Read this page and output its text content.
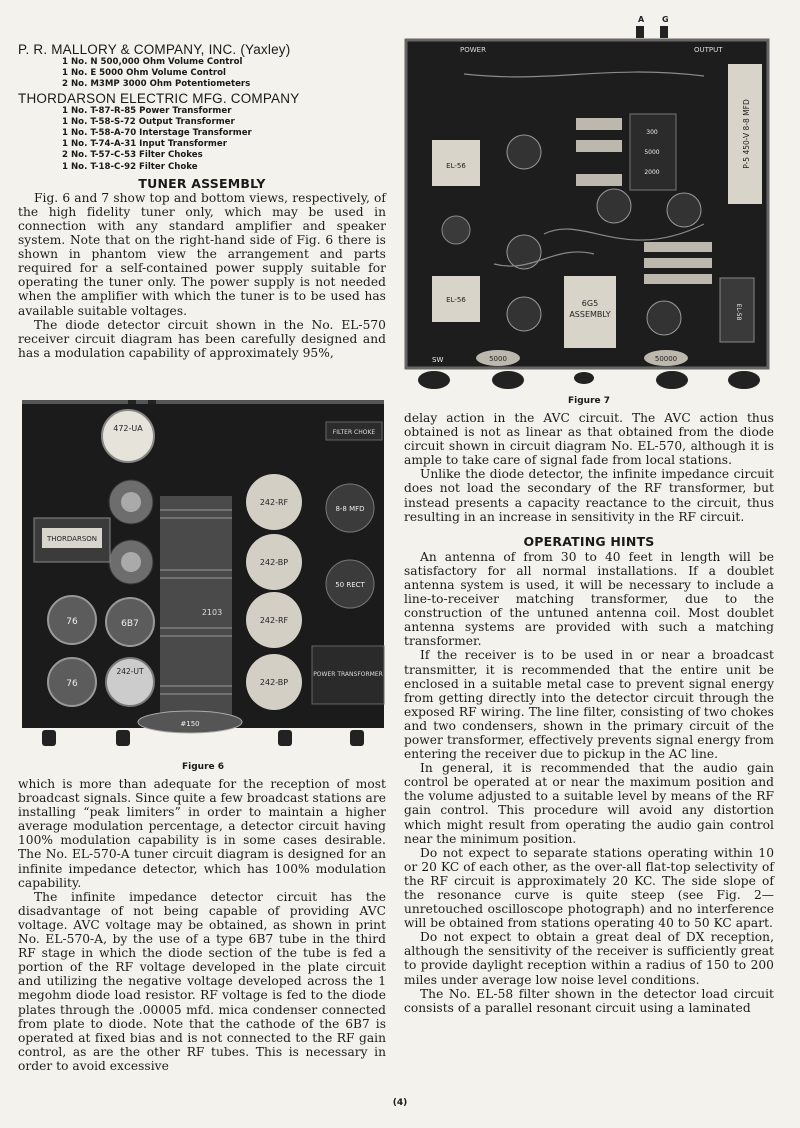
P. R. MALLORY & COMPANY, INC. (Yaxley)
1 No. N 500,000 Ohm Volume Control
1 No. E 5000 Ohm Volume Control
2 No. M3MP 3000 Ohm Potentiometers
THORDARSON ELECTRIC MFG. COMPANY
1 No. T-87-R-85 Power Transformer
1 No. T-58-S-72 Output Transformer
1 No. T-58-A-70 Interstage Transformer
1 No. T-74-A-31 Input Transformer
2 No. T-57-C-53 Filter Chokes
1 No. T-18-C-92 Filter Choke
TUNER ASSEMBLY

Fig. 6 and 7 show top and bottom views, respectively, of the high fidelity tuner only, which may be used in connection with any standard amplifier and speaker system. Note that on the right-hand side of Fig. 6 there is shown in phantom view the arrangement and parts required for a self-contained power supply suitable for operating the tuner only. The power supply is not needed when the amplifier with which the tuner is to be used has available suitable voltages.

The diode detector circuit shown in the No. EL-570 receiver circuit diagram has been carefully designed and has a modulation capability of approximately 95%,

472-UA
76	6B7
76
242-UT
THORDARSON
2103
242-RF
242-BP
242-RF
242-BP
FILTER CHOKE
8-8 MFD
50 RECT
POWER TRANSFORMER
#150
Figure 6

which is more than adequate for the reception of most broadcast signals. Since quite a few broadcast stations are installing “peak limiters” in order to maintain a higher average modulation percentage, a detector circuit having 100% modulation capability is in some cases desirable. The No. EL-570-A tuner circuit diagram is designed for an infinite impedance detector, which has 100% modulation capability.

The infinite impedance detector circuit has the disadvantage of not being capable of providing AVC voltage. AVC voltage may be obtained, as shown in print No. EL-570-A, by the use of a type 6B7 tube in the third RF stage in which the diode section of the tube is fed a portion of the RF voltage developed in the plate circuit and utilizing the negative voltage developed across the 1 megohm diode load resistor. RF voltage is fed to the diode plates through the .00005 mfd. mica condenser connected from plate to diode. Note that the cathode of the 6B7 is operated at fixed bias and is not connected to the RF gain control, as are the other RF tubes. This is necessary in order to avoid excessive

A G
POWER	OUTPUT
EL-56
EL-56
300
5000
2000
P-5 450-V 8-8 MFD
6G5
ASSEMBLY	EL-58
5000	50000
SW
Figure 7

delay action in the AVC circuit. The AVC action thus obtained is not as linear as that obtained from the diode circuit shown in circuit diagram No. EL-570, although it is ample to take care of signal fade from local stations.

Unlike the diode detector, the infinite impedance circuit does not load the secondary of the RF transformer, but instead presents a capacity reactance to the circuit, thus resulting in an increase in sensitivity in the RF circuit.

OPERATING HINTS

An antenna of from 30 to 40 feet in length will be satisfactory for all normal installations. If a doublet antenna system is used, it will be necessary to include a line-to-receiver matching transformer, due to the construction of the untuned antenna coil. Most doublet antenna systems are provided with such a matching transformer.

If the receiver is to be used in or near a broadcast transmitter, it is recommended that the entire unit be enclosed in a suitable metal case to prevent signal energy from getting directly into the detector circuit through the exposed RF wiring. The line filter, consisting of two chokes and two condensers, shown in the primary circuit of the power transformer, effectively prevents signal energy from entering the receiver due to pickup in the AC line.

In general, it is recommended that the audio gain control be operated at or near the maximum position and the volume adjusted to a suitable level by means of the RF gain control. This procedure will avoid any distortion which might result from operating the audio gain control near the minimum position.

Do not expect to separate stations operating within 10 or 20 KC of each other, as the over-all flat-top selectivity of the RF circuit is approximately 20 KC. The side slope of the resonance curve is quite steep (see Fig. 2—unretouched oscilloscope photograph) and no interference will be obtained from stations operating 40 to 50 KC apart.

Do not expect to obtain a great deal of DX reception, although the sensitivity of the receiver is sufficiently great to provide daylight reception within a radius of 150 to 200 miles under average low noise level conditions.

The No. EL-58 filter shown in the detector load circuit consists of a parallel resonant circuit using a laminated

(4)
